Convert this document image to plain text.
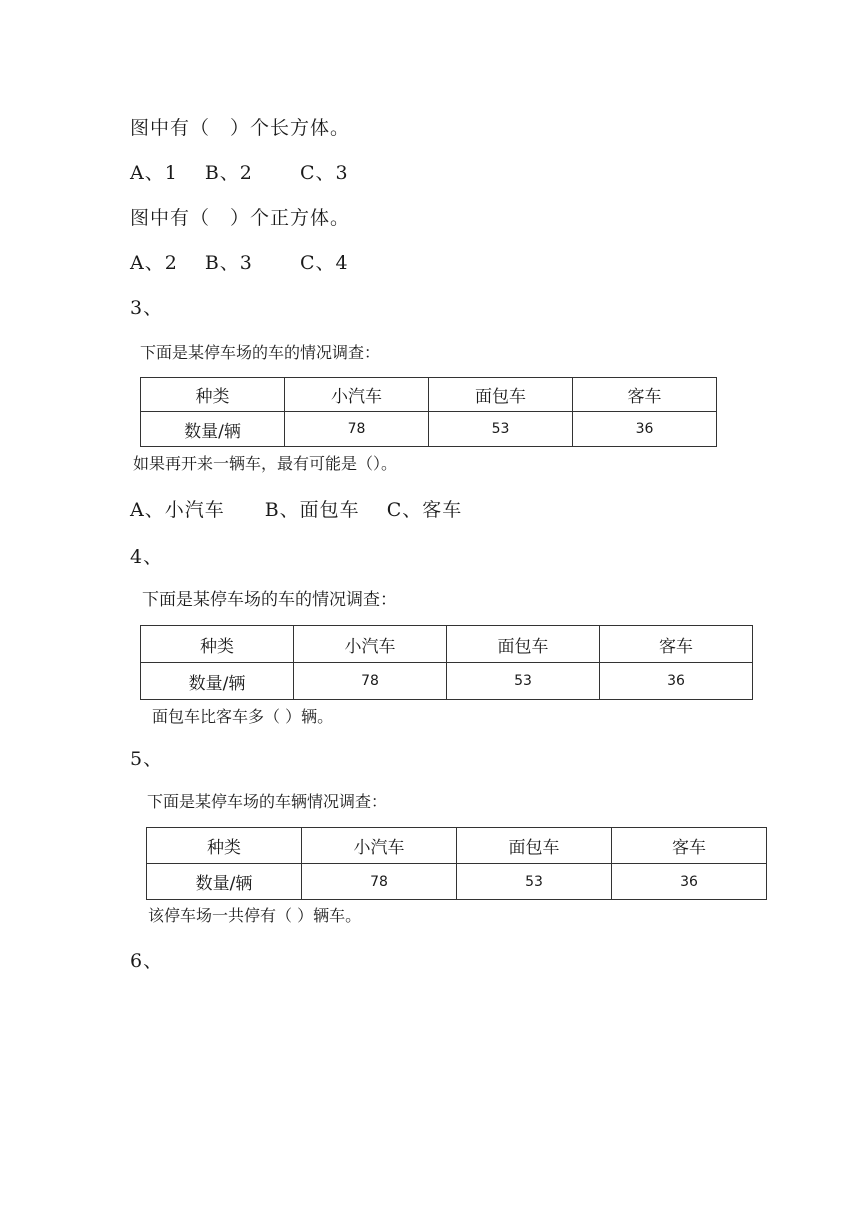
图中有（　）个长方体。
A、1　 B、2　 　C、3
图中有（　）个正方体。
A、2　 B、3　 　C、4
3、
下面是某停车场的车的情况调查：
种类	小汽车	面包车	客车
数量/辆	78	53	36
如果再开来一辆车，最有可能是（）。
A、小汽车　　B、面包车　 C、客车
4、
下面是某停车场的车的情况调查：
种类	小汽车	面包车	客车
数量/辆	78	53	36
面包车比客车多（ ）辆。
5、
下面是某停车场的车辆情况调查：
种类	小汽车	面包车	客车
数量/辆	78	53	36
该停车场一共停有（ ）辆车。
6、
